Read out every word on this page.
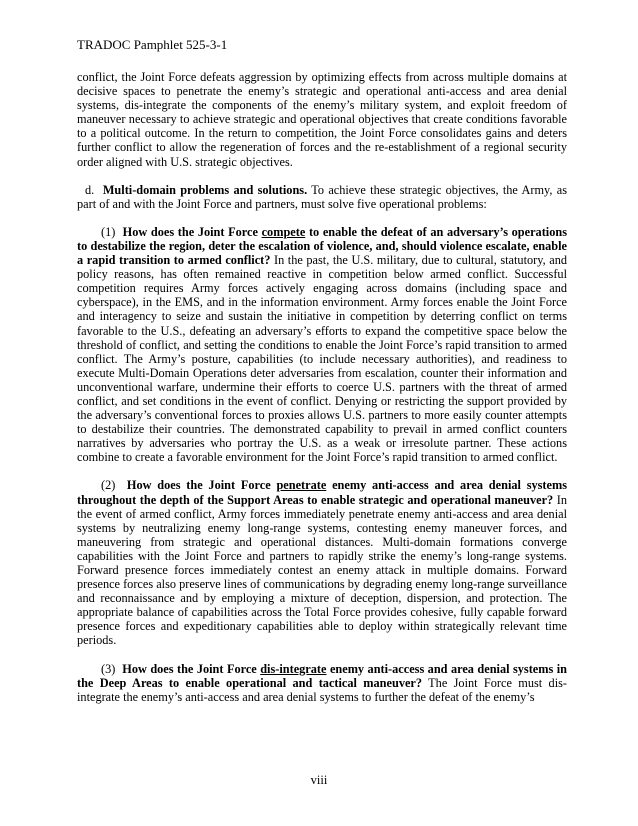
TRADOC Pamphlet 525-3-1

conflict, the Joint Force defeats aggression by optimizing effects from across multiple domains at decisive spaces to penetrate the enemy’s strategic and operational anti-access and area denial systems, dis-integrate the components of the enemy’s military system, and exploit freedom of maneuver necessary to achieve strategic and operational objectives that create conditions favorable to a political outcome. In the return to competition, the Joint Force consolidates gains and deters further conflict to allow the regeneration of forces and the re-establishment of a regional security order aligned with U.S. strategic objectives.

d. Multi-domain problems and solutions. To achieve these strategic objectives, the Army, as part of and with the Joint Force and partners, must solve five operational problems:

(1) How does the Joint Force compete to enable the defeat of an adversary’s operations to destabilize the region, deter the escalation of violence, and, should violence escalate, enable a rapid transition to armed conflict? In the past, the U.S. military, due to cultural, statutory, and policy reasons, has often remained reactive in competition below armed conflict. Successful competition requires Army forces actively engaging across domains (including space and cyberspace), in the EMS, and in the information environment. Army forces enable the Joint Force and interagency to seize and sustain the initiative in competition by deterring conflict on terms favorable to the U.S., defeating an adversary’s efforts to expand the competitive space below the threshold of conflict, and setting the conditions to enable the Joint Force’s rapid transition to armed conflict. The Army’s posture, capabilities (to include necessary authorities), and readiness to execute Multi-Domain Operations deter adversaries from escalation, counter their information and unconventional warfare, undermine their efforts to coerce U.S. partners with the threat of armed conflict, and set conditions in the event of conflict. Denying or restricting the support provided by the adversary’s conventional forces to proxies allows U.S. partners to more easily counter attempts to destabilize their countries. The demonstrated capability to prevail in armed conflict counters narratives by adversaries who portray the U.S. as a weak or irresolute partner. These actions combine to create a favorable environment for the Joint Force’s rapid transition to armed conflict.

(2) How does the Joint Force penetrate enemy anti-access and area denial systems throughout the depth of the Support Areas to enable strategic and operational maneuver? In the event of armed conflict, Army forces immediately penetrate enemy anti-access and area denial systems by neutralizing enemy long-range systems, contesting enemy maneuver forces, and maneuvering from strategic and operational distances. Multi-domain formations converge capabilities with the Joint Force and partners to rapidly strike the enemy’s long-range systems. Forward presence forces immediately contest an enemy attack in multiple domains. Forward presence forces also preserve lines of communications by degrading enemy long-range surveillance and reconnaissance and by employing a mixture of deception, dispersion, and protection. The appropriate balance of capabilities across the Total Force provides cohesive, fully capable forward presence forces and expeditionary capabilities able to deploy within strategically relevant time periods.

(3) How does the Joint Force dis-integrate enemy anti-access and area denial systems in the Deep Areas to enable operational and tactical maneuver? The Joint Force must dis-integrate the enemy’s anti-access and area denial systems to further the defeat of the enemy’s

viii
